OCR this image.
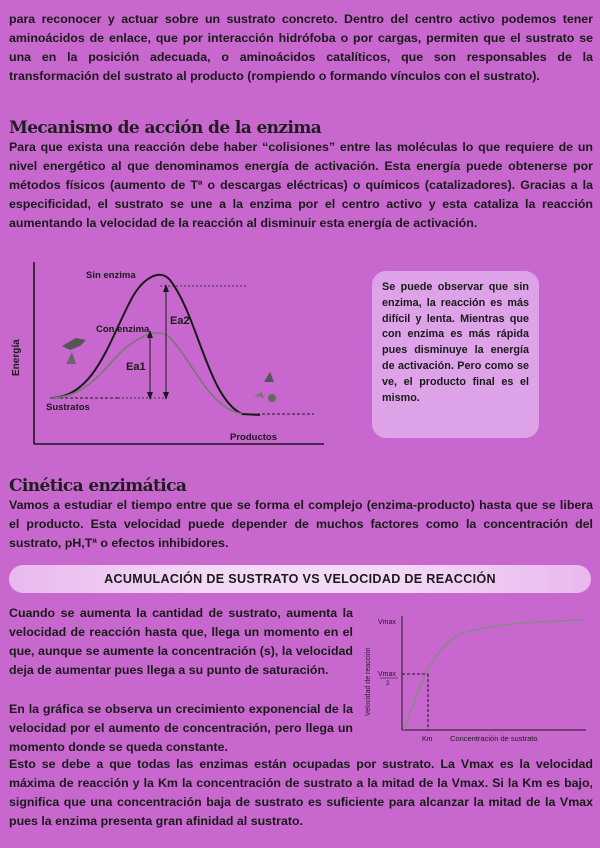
para reconocer y actuar sobre un sustrato concreto. Dentro del centro activo podemos tener aminoácidos de enlace, que por interacción hidrófoba o por cargas, permiten que el sustrato se una en la posición adecuada, o aminoácidos catalíticos, que son responsables de la transformación del sustrato al producto (rompiendo o formando vínculos con el sustrato).

Mecanismo de acción de la enzima

Para que exista una reacción debe haber “colisiones” entre las moléculas lo que requiere de un nivel energético al que denominamos energía de activación. Esta energía puede obtenerse por métodos físicos (aumento de Tª o descargas eléctricas) o químicos (catalizadores). Gracias a la especificidad, el sustrato se une a la enzima por el centro activo y esta cataliza la reacción aumentando la velocidad de la reacción al disminuir esta energía de activación.

Energía
Sin enzima
Con enzima
Ea2
Ea1
Sustratos
Productos

Se puede observar que sin enzima, la reacción es más difícil y lenta. Mientras que con enzima es más rápida pues disminuye la energía de activación. Pero como se ve, el producto final es el mismo.

Cinética enzimática

Vamos a estudiar el tiempo entre que se forma el complejo (enzima-producto) hasta que se libera el producto. Esta velocidad puede depender de muchos factores como la concentración del sustrato, pH,Tª o efectos inhibidores.

ACUMULACIÓN DE SUSTRATO VS VELOCIDAD DE REACCIÓN

Cuando se aumenta la cantidad de sustrato, aumenta la velocidad de reacción hasta que, llega un momento en el que, aunque se aumente la concentración (s), la velocidad deja de aumentar pues llega a su punto de saturación.

En la gráfica se observa un crecimiento exponencial de la velocidad por el aumento de concentración, pero llega un momento donde se queda constante.

Vmax
Vmax
2
Km Concentración de sustrato
Velocidad de reacción

Esto se debe a que todas las enzimas están ocupadas por sustrato. La Vmax es la velocidad máxima de reacción y la Km la concentración de sustrato a la mitad de la Vmax. Si la Km es bajo, significa que una concentración baja de sustrato es suficiente para alcanzar la mitad de la Vmax pues la enzima presenta gran afinidad al sustrato.
